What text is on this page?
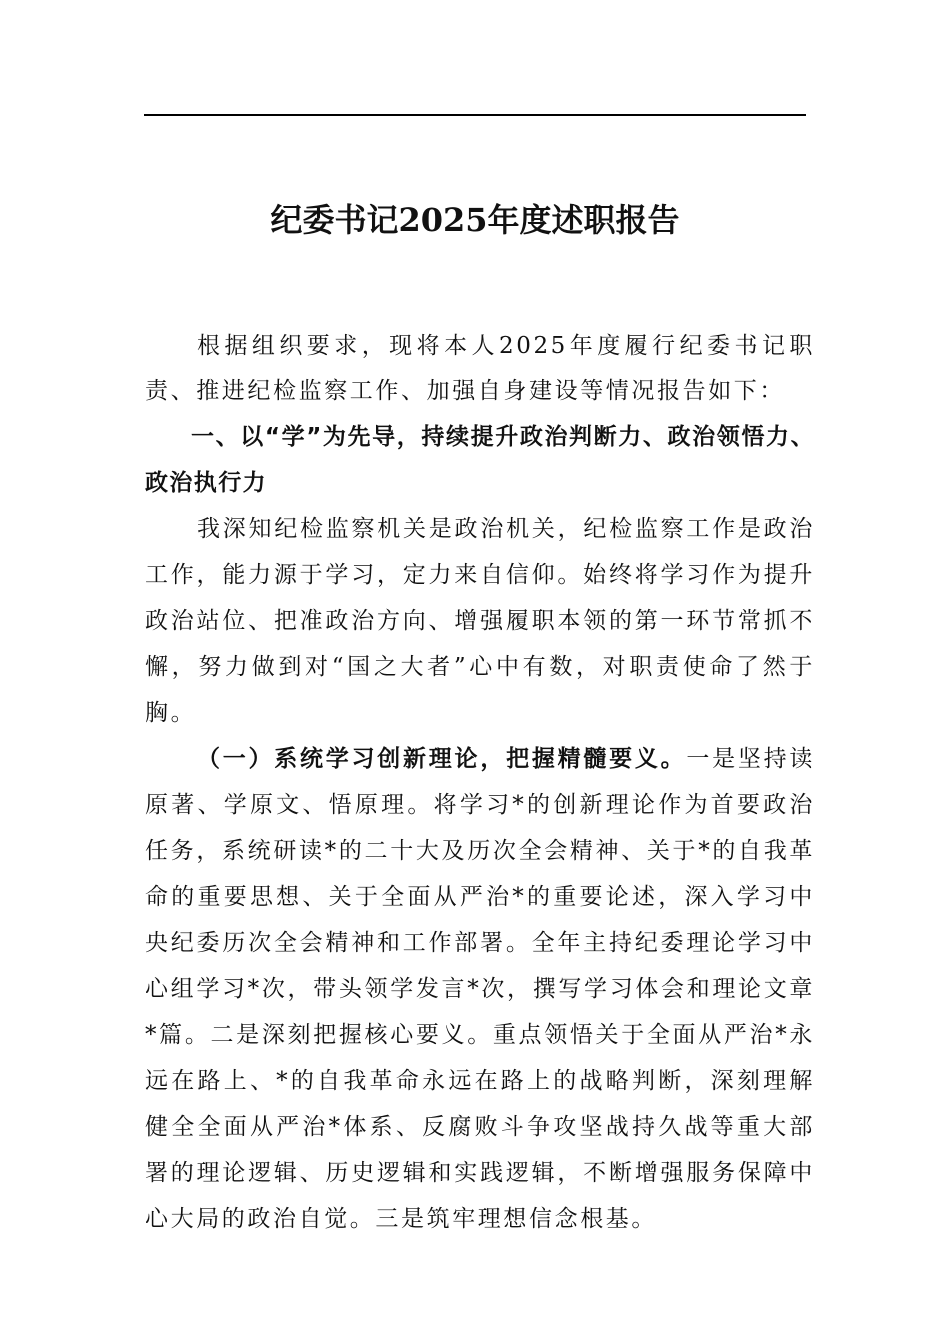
纪委书记2025年度述职报告

根据组织要求，现将本人2025年度履行纪委书记职责、推进纪检监察工作、加强自身建设等情况报告如下：

一、以“学”为先导，持续提升政治判断力、政治领悟力、政治执行力

我深知纪检监察机关是政治机关，纪检监察工作是政治工作，能力源于学习，定力来自信仰。始终将学习作为提升政治站位、把准政治方向、增强履职本领的第一环节常抓不懈，努力做到对“国之大者”心中有数，对职责使命了然于胸。

（一）系统学习创新理论，把握精髓要义。一是坚持读原著、学原文、悟原理。将学习*的创新理论作为首要政治任务，系统研读*的二十大及历次全会精神、关于*的自我革命的重要思想、关于全面从严治*的重要论述，深入学习中央纪委历次全会精神和工作部署。全年主持纪委理论学习中心组学习*次，带头领学发言*次，撰写学习体会和理论文章*篇。二是深刻把握核心要义。重点领悟关于全面从严治*永远在路上、*的自我革命永远在路上的战略判断，深刻理解健全全面从严治*体系、反腐败斗争攻坚战持久战等重大部署的理论逻辑、历史逻辑和实践逻辑，不断增强服务保障中心大局的政治自觉。三是筑牢理想信念根基。
